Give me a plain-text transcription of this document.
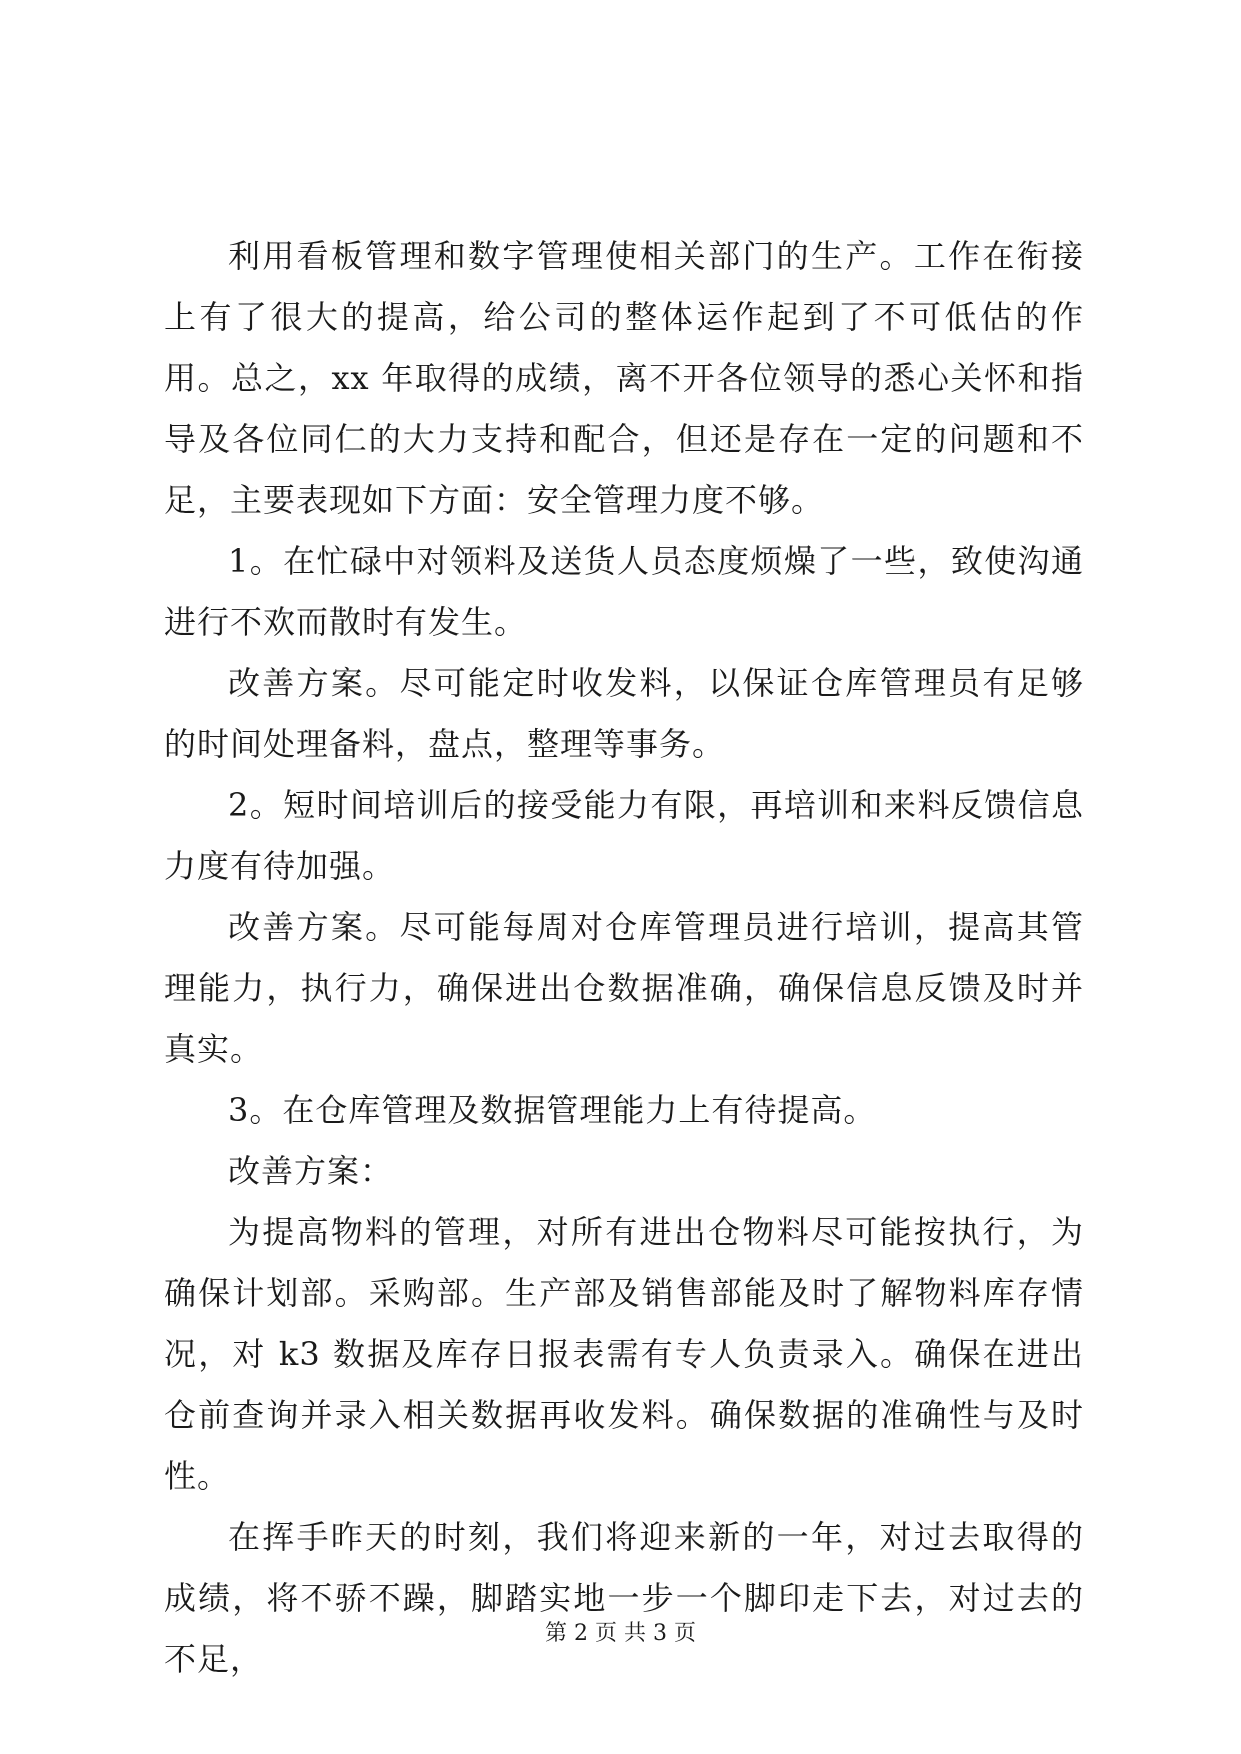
利用看板管理和数字管理使相关部门的生产。工作在衔接上有了很大的提高，给公司的整体运作起到了不可低估的作用。总之，xx 年取得的成绩，离不开各位领导的悉心关怀和指导及各位同仁的大力支持和配合，但还是存在一定的问题和不足，主要表现如下方面：安全管理力度不够。

1。在忙碌中对领料及送货人员态度烦燥了一些，致使沟通进行不欢而散时有发生。

改善方案。尽可能定时收发料，以保证仓库管理员有足够的时间处理备料，盘点，整理等事务。

2。短时间培训后的接受能力有限，再培训和来料反馈信息力度有待加强。

改善方案。尽可能每周对仓库管理员进行培训，提高其管理能力，执行力，确保进出仓数据准确，确保信息反馈及时并真实。

3。在仓库管理及数据管理能力上有待提高。

改善方案：

为提高物料的管理，对所有进出仓物料尽可能按执行，为确保计划部。采购部。生产部及销售部能及时了解物料库存情况，对 k3 数据及库存日报表需有专人负责录入。确保在进出仓前查询并录入相关数据再收发料。确保数据的准确性与及时性。

在挥手昨天的时刻，我们将迎来新的一年，对过去取得的成绩，将不骄不躁，脚踏实地一步一个脚印走下去，对过去的不足，

第 2 页 共 3 页
